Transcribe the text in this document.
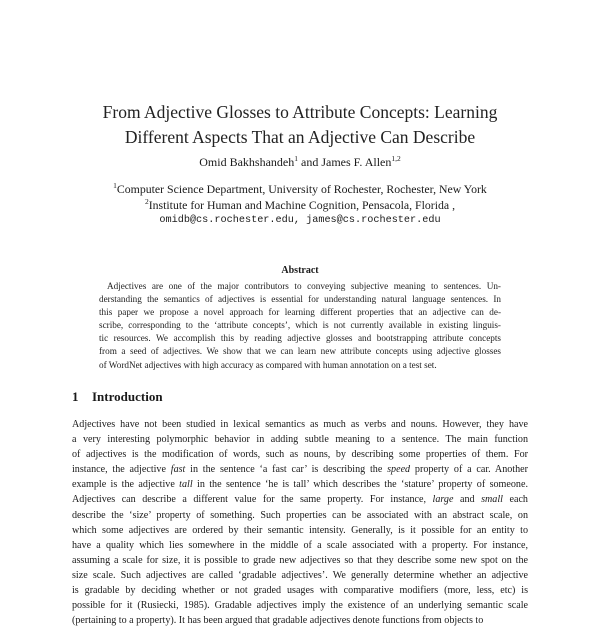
From Adjective Glosses to Attribute Concepts: Learning
Different Aspects That an Adjective Can Describe
Omid Bakhshandeh$^1$ and James F. Allen$^{1,2}$
$^1$Computer Science Department, University of Rochester, Rochester, New York
$^2$Institute for Human and Machine Cognition, Pensacola, Florida ,
omidb@cs.rochester.edu, james@cs.rochester.edu
Abstract
Adjectives are one of the major contributors to conveying subjective meaning to sentences. Un-
derstanding the semantics of adjectives is essential for understanding natural language sentences. In
this paper we propose a novel approach for learning different properties that an adjective can de-
scribe, corresponding to the ‘attribute concepts’, which is not currently available in existing linguis-
tic resources. We accomplish this by reading adjective glosses and bootstrapping attribute concepts
from a seed of adjectives. We show that we can learn new attribute concepts using adjective glosses
of WordNet adjectives with high accuracy as compared with human annotation on a test set.
1 Introduction
Adjectives have not been studied in lexical semantics as much as verbs and nouns. However, they have
a very interesting polymorphic behavior in adding subtle meaning to a sentence. The main function
of adjectives is the modification of words, such as nouns, by describing some properties of them. For
instance, the adjective fast in the sentence ‘a fast car’ is describing the speed property of a car. Another
example is the adjective tall in the sentence ‘he is tall’ which describes the ‘stature’ property of someone.
Adjectives can describe a different value for the same property. For instance, large and small each
describe the ‘size’ property of something. Such properties can be associated with an abstract scale, on
which some adjectives are ordered by their semantic intensity. Generally, is it possible for an entity to
have a quality which lies somewhere in the middle of a scale associated with a property. For instance,
assuming a scale for size, it is possible to grade new adjectives so that they describe some new spot on the
size scale. Such adjectives are called ‘gradable adjectives’. We generally determine whether an adjective
is gradable by deciding whether or not graded usages with comparative modifiers (more, less, etc) is
possible for it (Rusiecki, 1985). Gradable adjectives imply the existence of an underlying semantic scale
(pertaining to a property). It has been argued that gradable adjectives denote functions from objects to
